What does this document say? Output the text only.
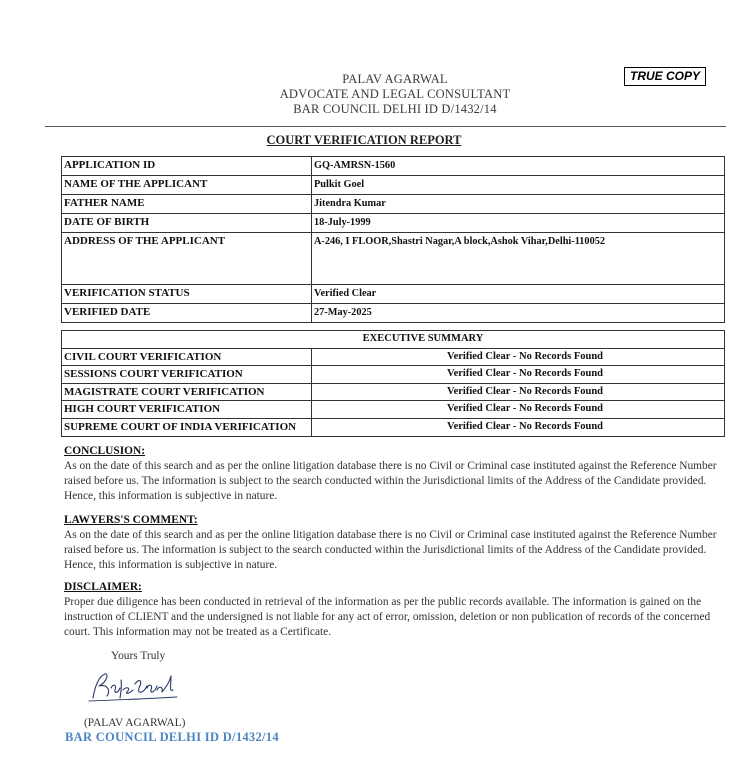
PALAV AGARWAL
ADVOCATE AND LEGAL CONSULTANT
BAR COUNCIL DELHI ID D/1432/14
TRUE COPY
COURT VERIFICATION REPORT
APPLICATION ID	GQ-AMRSN-1560
NAME OF THE APPLICANT	Pulkit Goel
FATHER NAME	Jitendra Kumar
DATE OF BIRTH	18-July-1999
ADDRESS OF THE APPLICANT	A-246, I FLOOR,Shastri Nagar,A block,Ashok Vihar,Delhi-110052
VERIFICATION STATUS	Verified Clear
VERIFIED DATE	27-May-2025
EXECUTIVE SUMMARY	
CIVIL COURT VERIFICATION	Verified Clear - No Records Found
SESSIONS COURT VERIFICATION	Verified Clear - No Records Found
MAGISTRATE COURT VERIFICATION	Verified Clear - No Records Found
HIGH COURT VERIFICATION	Verified Clear - No Records Found
SUPREME COURT OF INDIA VERIFICATION	Verified Clear - No Records Found
CONCLUSION:
As on the date of this search and as per the online litigation database there is no Civil or Criminal case instituted against the Reference Number raised before us. The information is subject to the search conducted within the Jurisdictional limits of the Address of the Candidate provided. Hence, this information is subjective in nature.
LAWYERS'S COMMENT:
As on the date of this search and as per the online litigation database there is no Civil or Criminal case instituted against the Reference Number raised before us. The information is subject to the search conducted within the Jurisdictional limits of the Address of the Candidate provided. Hence, this information is subjective in nature.
DISCLAIMER:
Proper due diligence has been conducted in retrieval of the information as per the public records available. The information is gained on the instruction of CLIENT and the undersigned is not liable for any act of error, omission, deletion or non publication of records of the concerned court. This information may not be treated as a Certificate.
Yours Truly
(PALAV AGARWAL)
BAR COUNCIL DELHI ID D/1432/14
